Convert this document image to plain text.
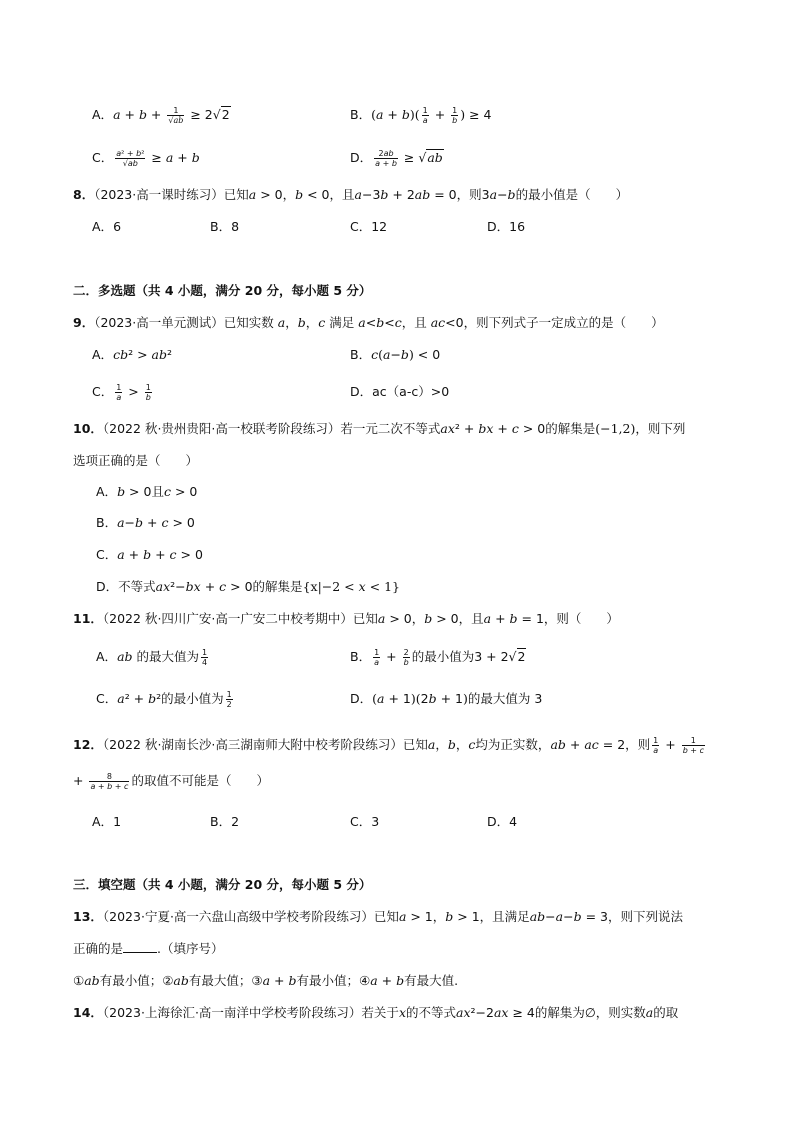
A．$a + b + \frac{1}{√ab} \ge 2√2$	B．$(a + b)( \frac{1}{a} + \frac{1}{b}$ ) ≥ 4
C． $\frac{\text{a² + b²}}{√ab} \ge a + b$	D． $\frac{2ab}{a + b} \ge √ab$
8．（2023·高一课时练习）已知a > 0，b < 0，且a−3b + 2ab = 0，则3a−b的最小值是（　　）
A．6	B．8	C．12	D．16
二．多选题（共 4 小题，满分 20 分，每小题 5 分）
9．（2023·高一单元测试）已知实数 a，b，c 满足 a<b<c，且 ac<0，则下列式子一定成立的是（　　）
A．cb² > ab²	B．c(a−b) < 0
C． $\frac{1}{a} > \frac{1}{b}$	D．ac（a-c）>0
10．（2022 秋·贵州贵阳·高一校联考阶段练习）若一元二次不等式ax² + bx + c > 0的解集是(−1,2)，则下列
选项正确的是（　　）
A．b > 0且c > 0
B．a−b + c > 0
C．a + b + c > 0
D．不等式ax²−bx + c > 0的解集是{x|−2 < x < 1}
11．（2022 秋·四川广安·高一广安二中校考期中）已知a > 0，b > 0，且a + b = 1，则（　　）
A．ab 的最大值为 $\frac{1}{4}$	B． $\frac{1}{a} + \frac{2}{b}$ 的最小值为3 + 2√2
C．a² + b²的最小值为 $\frac{1}{2}$	D．(a + 1)(2b + 1)的最大值为 3
12．（2022 秋·湖南长沙·高三湖南师大附中校考阶段练习）已知a，b，c均为正实数，ab + ac = 2，则 $\frac{1}{a} + \frac{1}{b + c}$
+ $\frac{8}{a + b + c}$ 的取值不可能是（　　）
A．1	B．2	C．3	D．4
三．填空题（共 4 小题，满分 20 分，每小题 5 分）
13．（2023·宁夏·高一六盘山高级中学校考阶段练习）已知a > 1，b > 1，且满足ab−a−b = 3，则下列说法
正确的是	.（填序号）
①ab有最小值；②ab有最大值；③a + b有最小值；④a + b有最大值.
14．（2023·上海徐汇·高一南洋中学校考阶段练习）若关于x的不等式ax²−2ax ≥ 4的解集为∅，则实数a的取
